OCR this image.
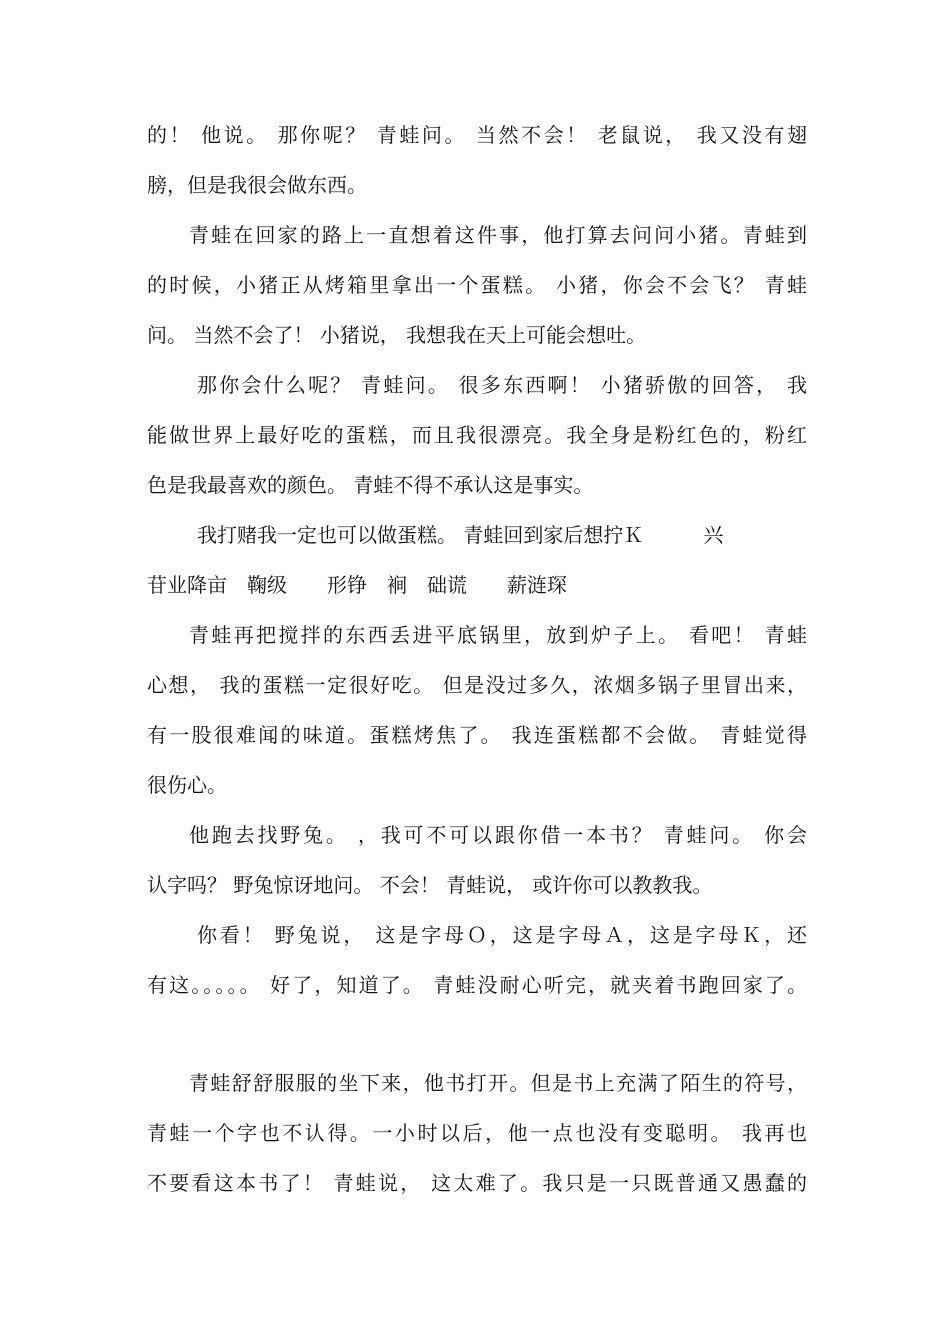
的！ 他说。 那你呢？ 青蛙问。 当然不会！ 老鼠说， 我又没有翅
膀，但是我很会做东西。
青蛙在回家的路上一直想着这件事，他打算去问问小猪。青蛙到
的时候，小猪正从烤箱里拿出一个蛋糕。 小猪，你会不会飞？ 青蛙
问。 当然不会了！ 小猪说， 我想我在天上可能会想吐。
那你会什么呢？ 青蛙问。 很多东西啊！ 小猪骄傲的回答， 我
能做世界上最好吃的蛋糕，而且我很漂亮。我全身是粉红色的，粉红
色是我最喜欢的颜色。 青蛙不得不承认这是事实。
我打赌我一定也可以做蛋糕。 青蛙回到家后想拧Ｋ　　　兴
苷业降亩　鞠级　　形铮　裥　础谎　　薪涟琛
青蛙再把搅拌的东西丢进平底锅里，放到炉子上。 看吧！ 青蛙
心想， 我的蛋糕一定很好吃。 但是没过多久，浓烟多锅子里冒出来，
有一股很难闻的味道。蛋糕烤焦了。 我连蛋糕都不会做。 青蛙觉得
很伤心。
他跑去找野兔。 ，我可不可以跟你借一本书？ 青蛙问。 你会
认字吗？ 野兔惊讶地问。 不会！ 青蛙说， 或许你可以教教我。
你看！ 野兔说， 这是字母Ｏ，这是字母Ａ，这是字母Ｋ，还
有这。。。。。 好了，知道了。 青蛙没耐心听完，就夹着书跑回家了。
青蛙舒舒服服的坐下来，他书打开。但是书上充满了陌生的符号，
青蛙一个字也不认得。一小时以后，他一点也没有变聪明。 我再也
不要看这本书了！ 青蛙说， 这太难了。我只是一只既普通又愚蠢的
